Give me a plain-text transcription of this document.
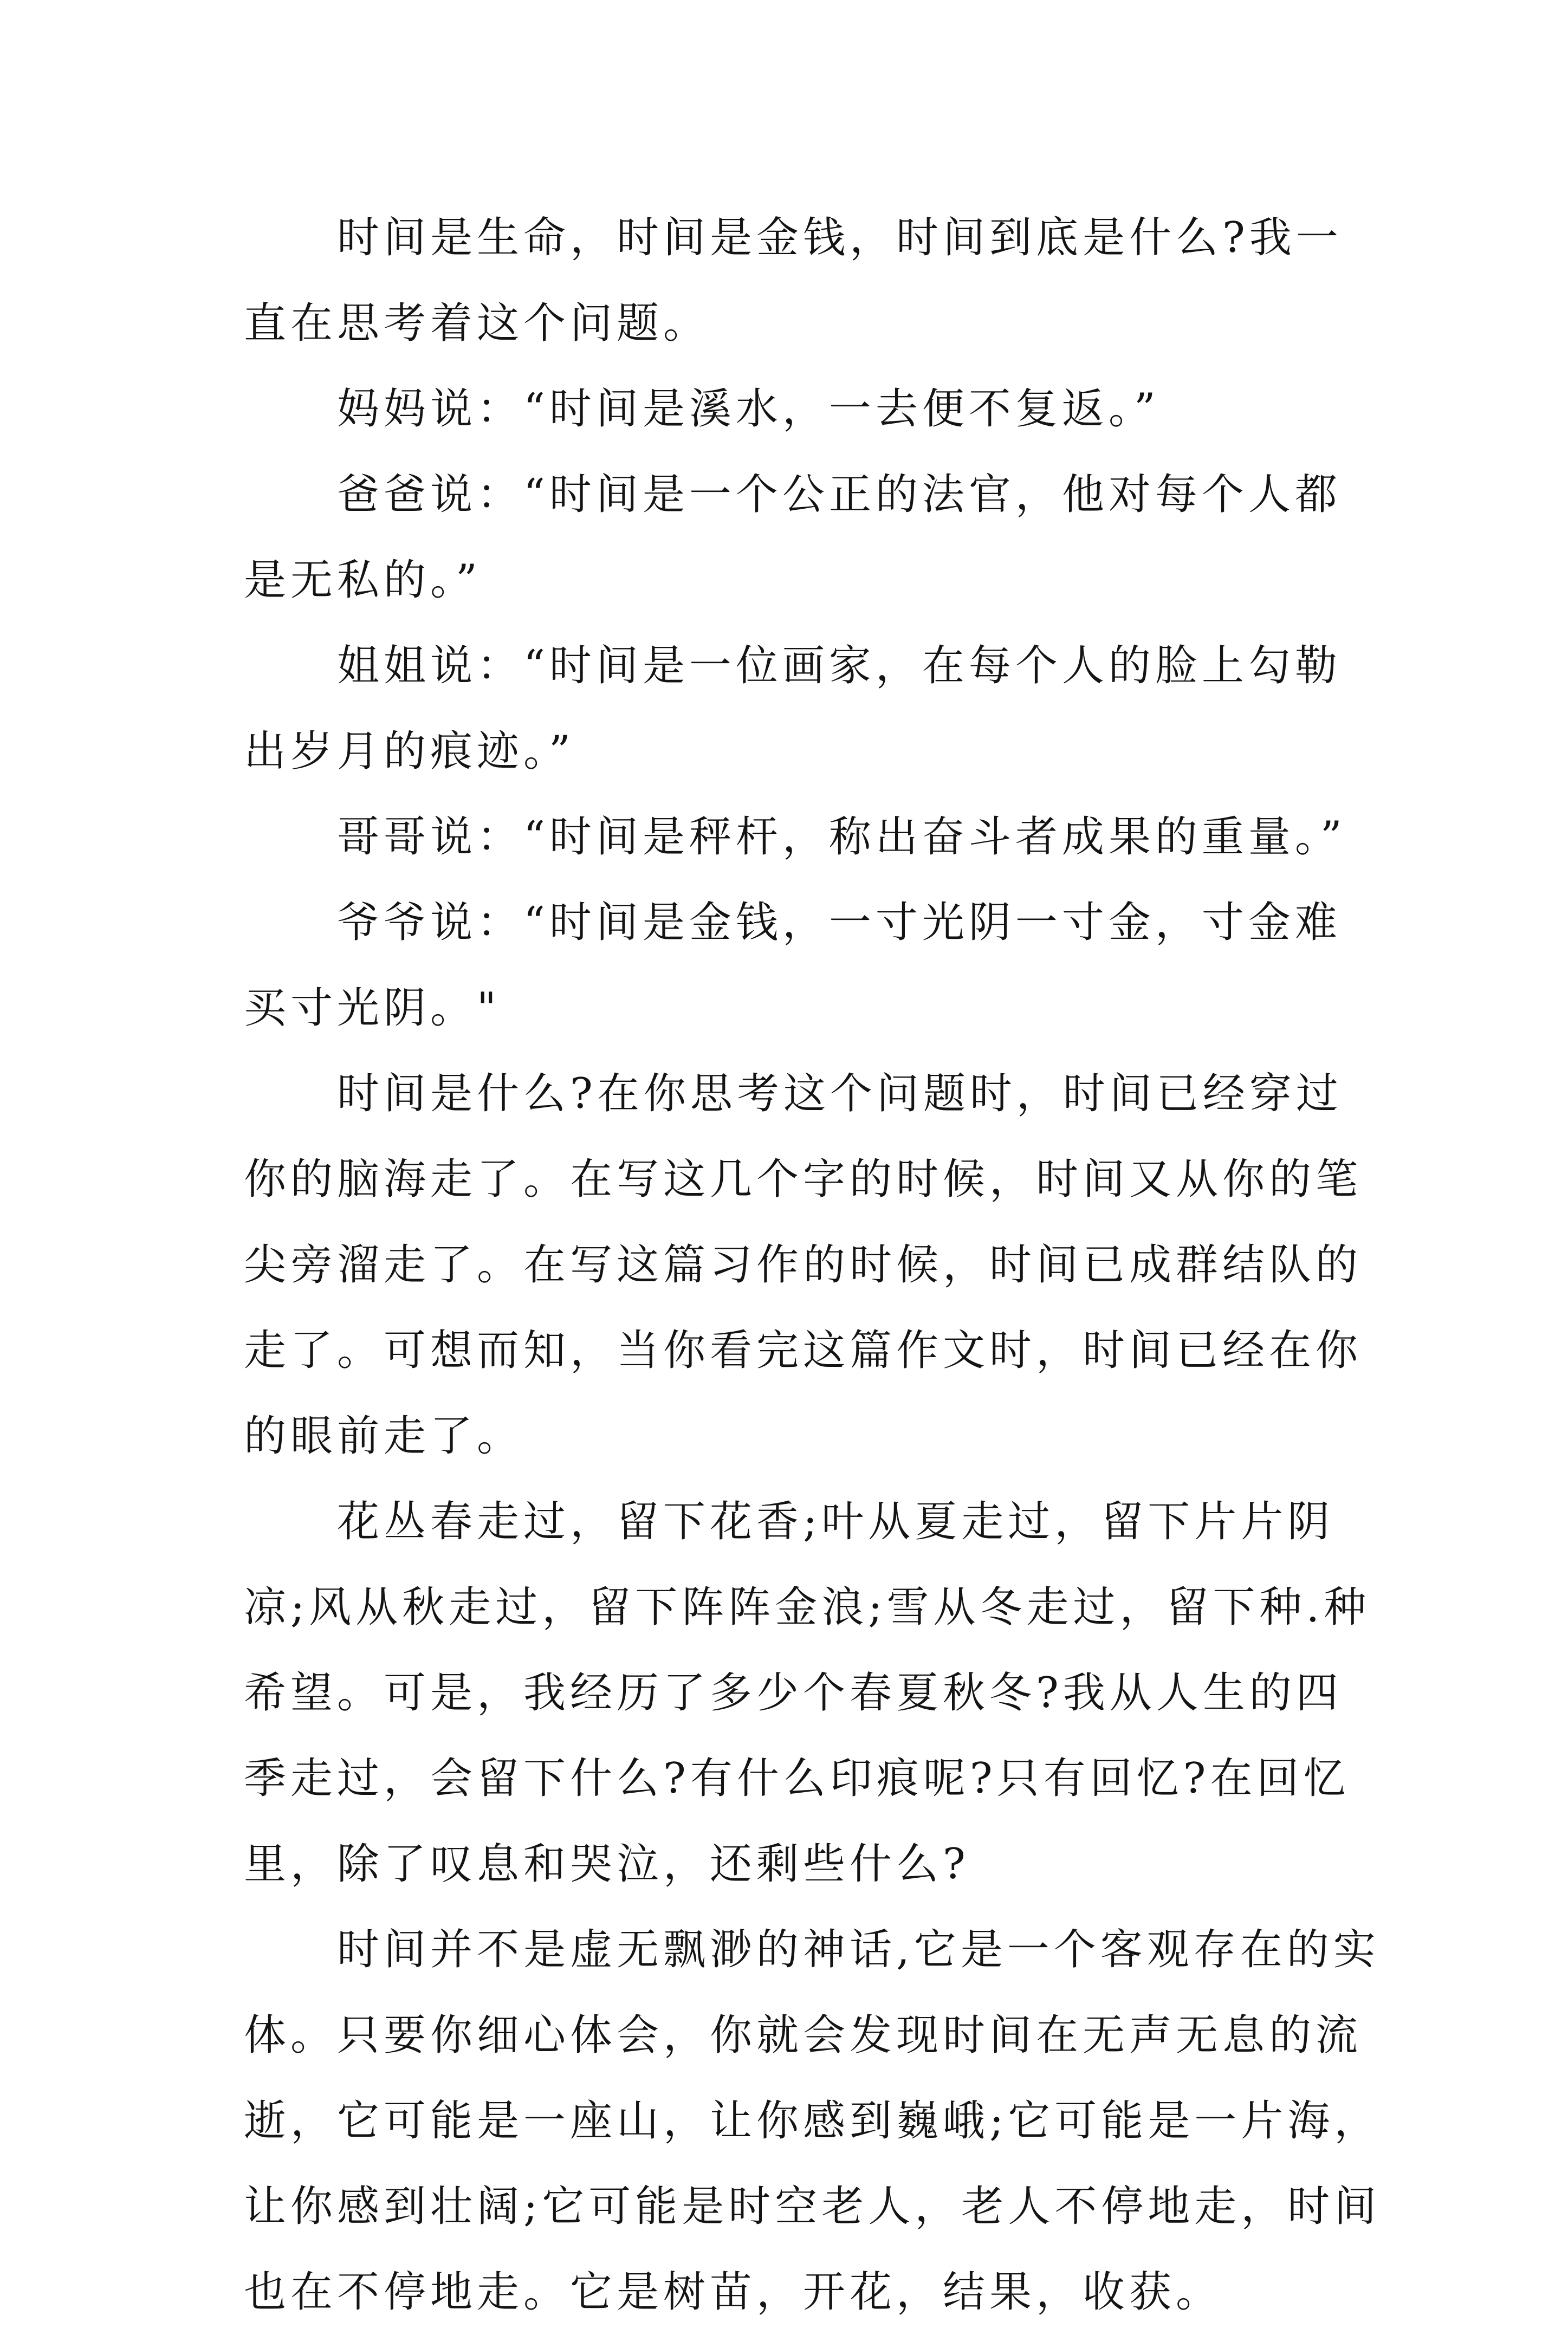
时间是生命，时间是金钱，时间到底是什么?我一直在思考着这个问题。

妈妈说：“时间是溪水，一去便不复返。”

爸爸说：“时间是一个公正的法官，他对每个人都是无私的。”

姐姐说：“时间是一位画家，在每个人的脸上勾勒出岁月的痕迹。”

哥哥说：“时间是秤杆，称出奋斗者成果的重量。”

爷爷说：“时间是金钱，一寸光阴一寸金，寸金难买寸光阴。"

时间是什么?在你思考这个问题时，时间已经穿过你的脑海走了。在写这几个字的时候，时间又从你的笔尖旁溜走了。在写这篇习作的时候，时间已成群结队的走了。可想而知，当你看完这篇作文时，时间已经在你的眼前走了。

花丛春走过，留下花香;叶从夏走过，留下片片阴凉;风从秋走过，留下阵阵金浪;雪从冬走过，留下种.种希望。可是，我经历了多少个春夏秋冬?我从人生的四季走过，会留下什么?有什么印痕呢?只有回忆?在回忆里，除了叹息和哭泣，还剩些什么?

时间并不是虚无飘渺的神话,它是一个客观存在的实体。只要你细心体会，你就会发现时间在无声无息的流逝，它可能是一座山，让你感到巍峨;它可能是一片海，让你感到壮阔;它可能是时空老人，老人不停地走，时间也在不停地走。它是树苗，开花，结果，收获。
